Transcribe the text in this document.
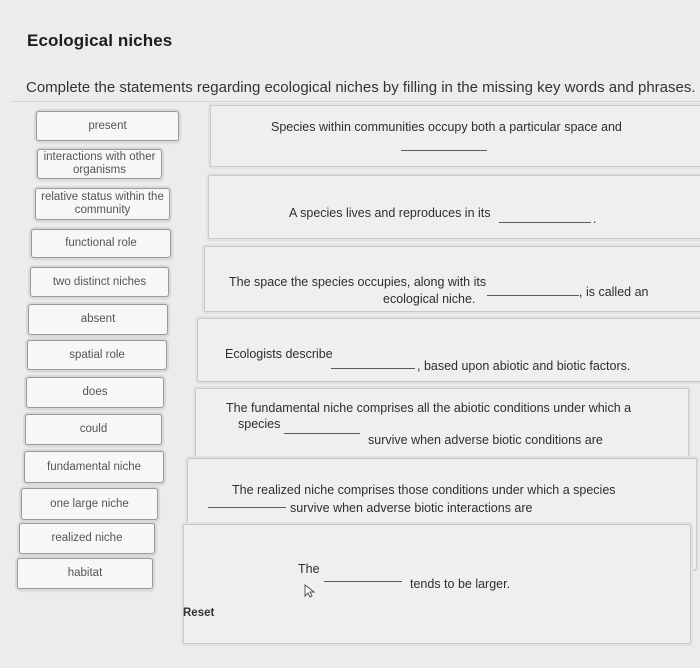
Ecological niches
Complete the statements regarding ecological niches by filling in the missing key words and phrases.
present
interactions with other organisms
relative status within the community
functional role
two distinct niches
absent
spatial role
does
could
fundamental niche
one large niche
realized niche
habitat
Species within communities occupy both a particular space and
A species lives and reproduces in its	.
The space the species occupies, along with its
, is called an
ecological niche.
Ecologists describe
, based upon abiotic and biotic factors.
The fundamental niche comprises all the abiotic conditions under which a
species
survive when adverse biotic conditions are
The realized niche comprises those conditions under which a species
survive when adverse biotic interactions are
The
tends to be larger.
Reset
